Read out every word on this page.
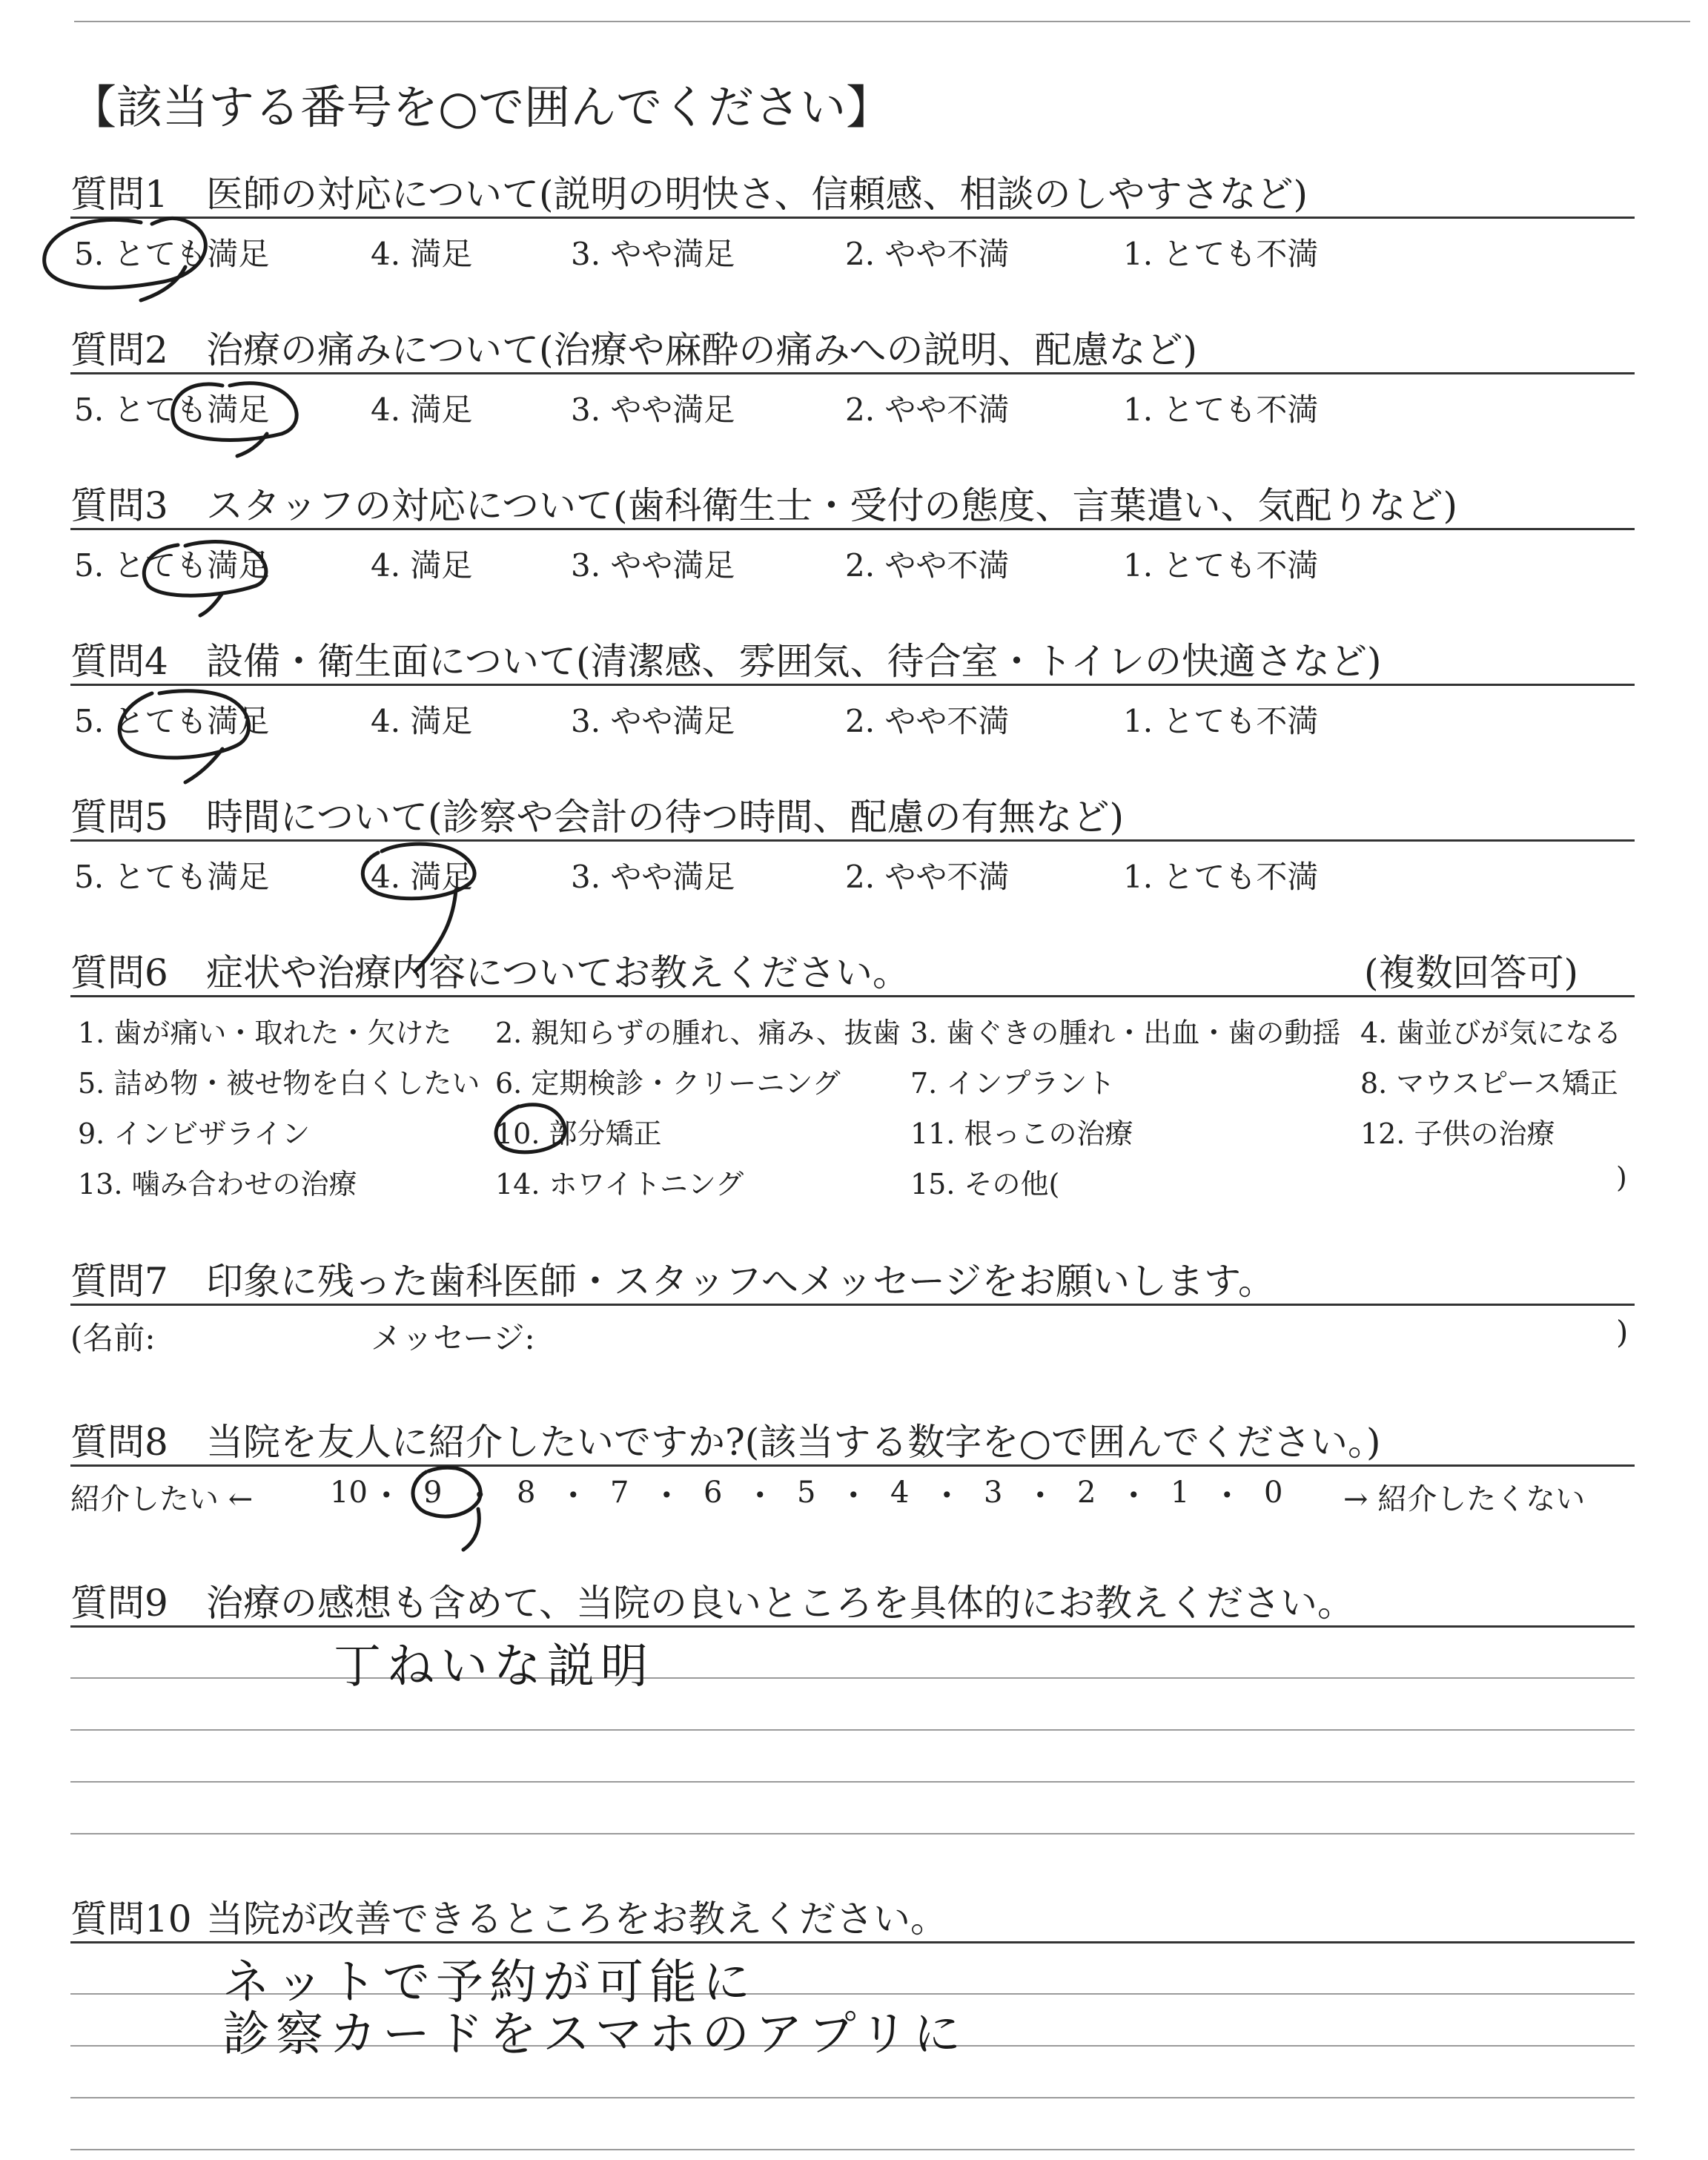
【該当する番号を○で囲んでください】
質問1 医師の対応について(説明の明快さ、信頼感、相談のしやすさなど)
5. とても満足	4. 満足	3. やや満足	2. やや不満	1. とても不満
質問2 治療の痛みについて(治療や麻酔の痛みへの説明、配慮など)
5. とても満足	4. 満足	3. やや満足	2. やや不満	1. とても不満
質問3 スタッフの対応について(歯科衛生士・受付の態度、言葉遣い、気配りなど)
5. とても満足	4. 満足	3. やや満足	2. やや不満	1. とても不満
質問4 設備・衛生面について(清潔感、雰囲気、待合室・トイレの快適さなど)
5. とても満足	4. 満足	3. やや満足	2. やや不満	1. とても不満
質問5 時間について(診察や会計の待つ時間、配慮の有無など)
5. とても満足	4. 満足	3. やや満足	2. やや不満	1. とても不満
質問6 症状や治療内容についてお教えください。	(複数回答可)
1. 歯が痛い・取れた・欠けた 2. 親知らずの腫れ、痛み、抜歯 3. 歯ぐきの腫れ・出血・歯の動揺 4. 歯並びが気になる
5. 詰め物・被せ物を白くしたい 6. 定期検診・クリーニング 7. インプラント	8. マウスピース矯正
9. インビザライン	10. 部分矯正	11. 根っこの治療	12. 子供の治療
13. 噛み合わせの治療	14. ホワイトニング	15. その他(	)
質問7 印象に残った歯科医師・スタッフへメッセージをお願いします。
(名前:	メッセージ:	)
質問8 当院を友人に紹介したいですか?(該当する数字を○で囲んでください。)
紹介したい ←	→ 紹介したくない
10 • 9 • 8 • 7 • 6 • 5 • 4 • 3 • 2 • 1 • 0
質問9 治療の感想も含めて、当院の良いところを具体的にお教えください。
丁ねいな説明
質問10 当院が改善できるところをお教えください。
ネットで予約が可能に
診察カードをスマホのアプリに
